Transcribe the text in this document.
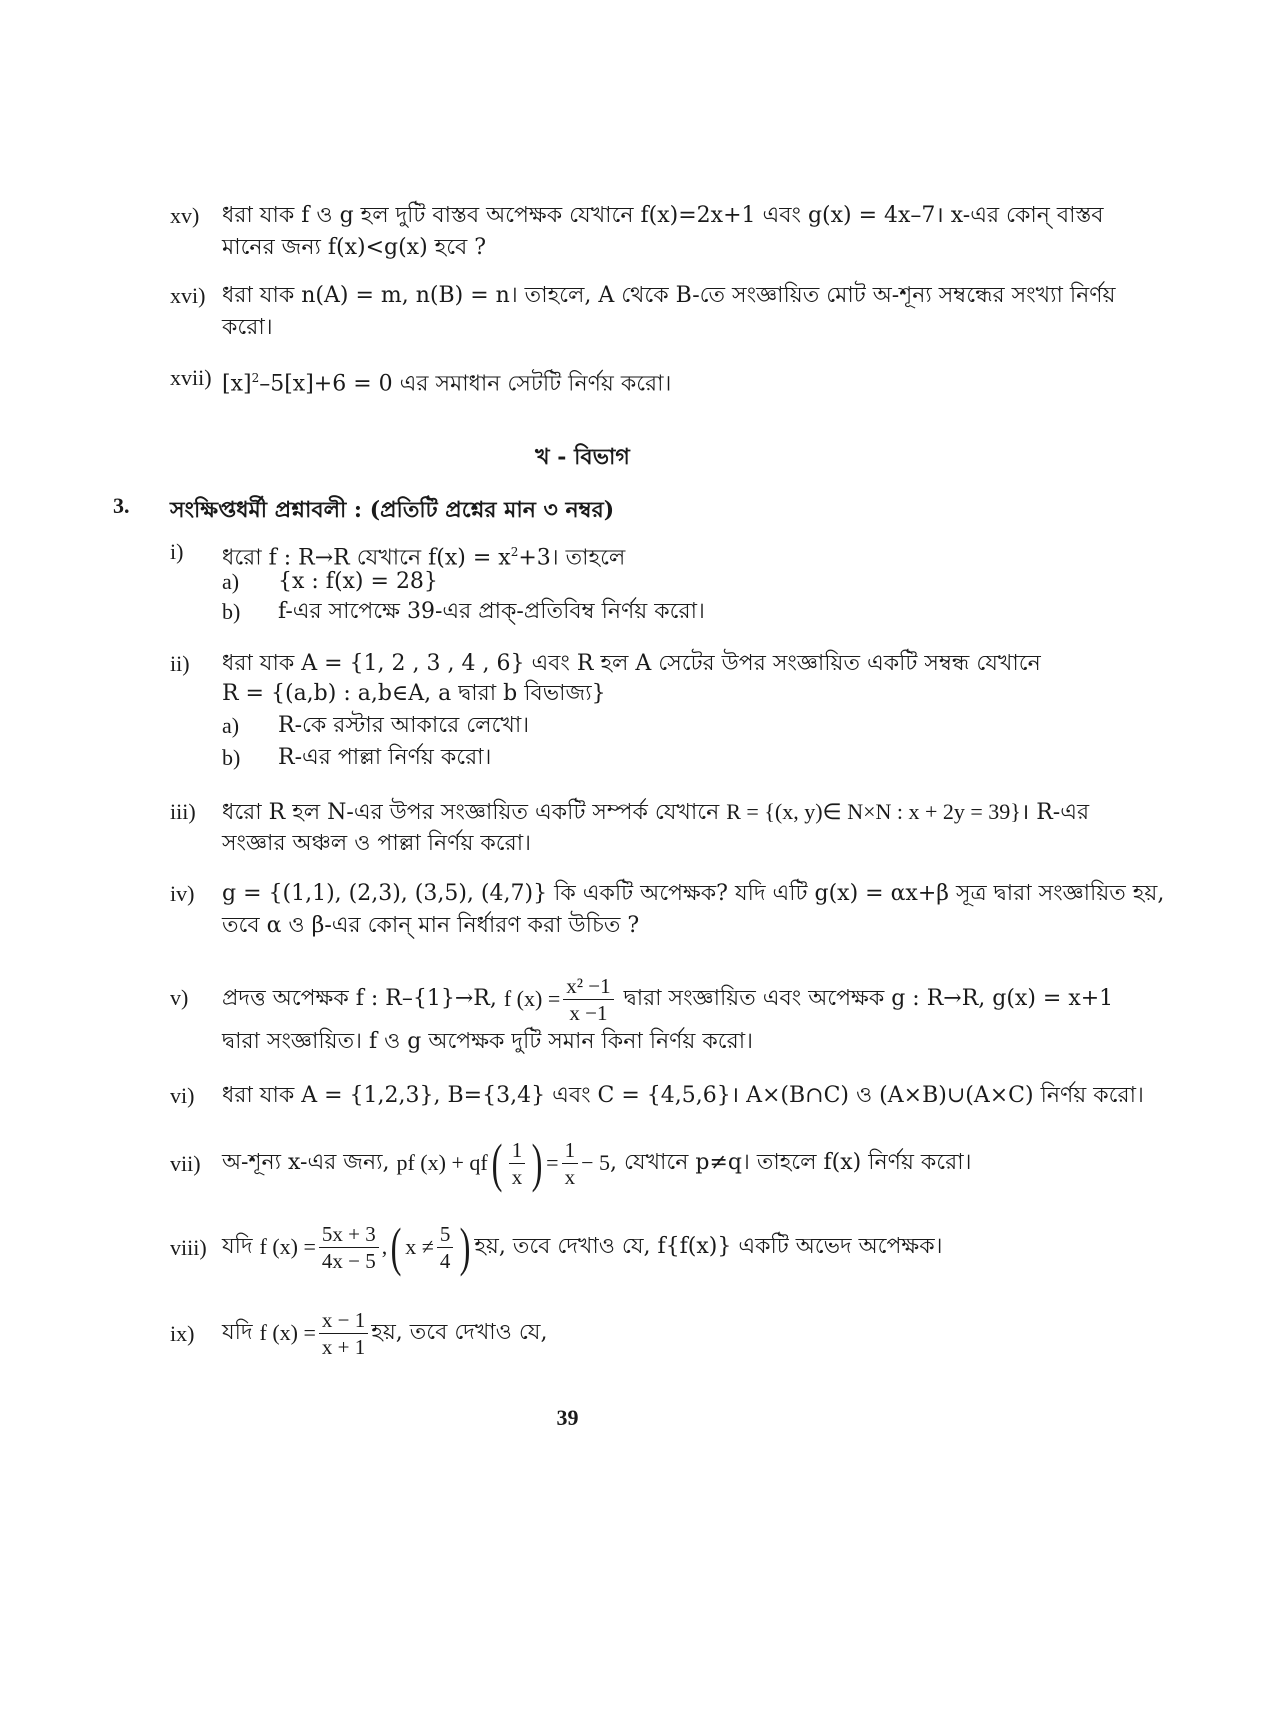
xv) ধরা যাক f ও g হল দুটি বাস্তব অপেক্ষক যেখানে f(x)=2x+1 এবং g(x) = 4x–7। x-এর কোন্ বাস্তব
মানের জন্য f(x)<g(x) হবে ?
xvi) ধরা যাক n(A) = m, n(B) = n। তাহলে, A থেকে B-তে সংজ্ঞায়িত মোট অ-শূন্য সম্বন্ধের সংখ্যা নির্ণয়
করো।
xvii) $[x]^2-5[x]+6 = 0$ এর সমাধান সেটটি নির্ণয় করো।
খ - বিভাগ
3. সংক্ষিপ্তধর্মী প্রশ্নাবলী : (প্রতিটি প্রশ্নের মান ৩ নম্বর)
i) ধরো f : R→R যেখানে $f(x) = x^2+3।$ তাহলে
a) {x : f(x) = 28}
b) f-এর সাপেক্ষে 39-এর প্রাক্-প্রতিবিম্ব নির্ণয় করো।
ii) ধরা যাক A = {1, 2 , 3 , 4 , 6} এবং R হল A সেটের উপর সংজ্ঞায়িত একটি সম্বন্ধ যেখানে
R = {(a,b) : a,b∈A, a দ্বারা b বিভাজ্য}
a) R-কে রস্টার আকারে লেখো।
b) R-এর পাল্লা নির্ণয় করো।
iii) ধরো R হল N-এর উপর সংজ্ঞায়িত একটি সম্পর্ক যেখানে R = {(x, y)∈ N×N : x + 2y = 39}। R-এর
সংজ্ঞার অঞ্চল ও পাল্লা নির্ণয় করো।
iv) g = {(1,1), (2,3), (3,5), (4,7)} কি একটি অপেক্ষক? যদি এটি g(x) = αx+β সূত্র দ্বারা সংজ্ঞায়িত হয়,
তবে α ও β-এর কোন্ মান নির্ধারণ করা উচিত ?
v) প্রদত্ত অপেক্ষক f : R–{1}→R,
f $(x) = \frac{\text{x² −1}}{x -1}$
দ্বারা সংজ্ঞায়িত এবং অপেক্ষক g : R→R, g(x) = x+1
দ্বারা সংজ্ঞায়িত। f ও g অপেক্ষক দুটি সমান কিনা নির্ণয় করো।
vi) ধরা যাক A = {1,2,3}, B={3,4} এবং C = {4,5,6}। A×(B∩C) ও (A×B)∪(A×C) নির্ণয় করো।
vii) অ-শূন্য x-এর জন্য,
pf (x) + qf ( $\frac{1}{x}$ ) = $\frac{1}{x} - 5$ , যেখানে p≠q। তাহলে f(x) নির্ণয় করো।
viii) যদি
f $(x) = \frac{5x + 3}{4x - 5}$ , ( $x \ne \frac{5}{4}$ ) হয়, তবে দেখাও যে, f{f(x)} একটি অভেদ অপেক্ষক।
ix) যদি
f $(x) = \frac{x - 1}{x + 1}$ হয়, তবে দেখাও যে,
39
